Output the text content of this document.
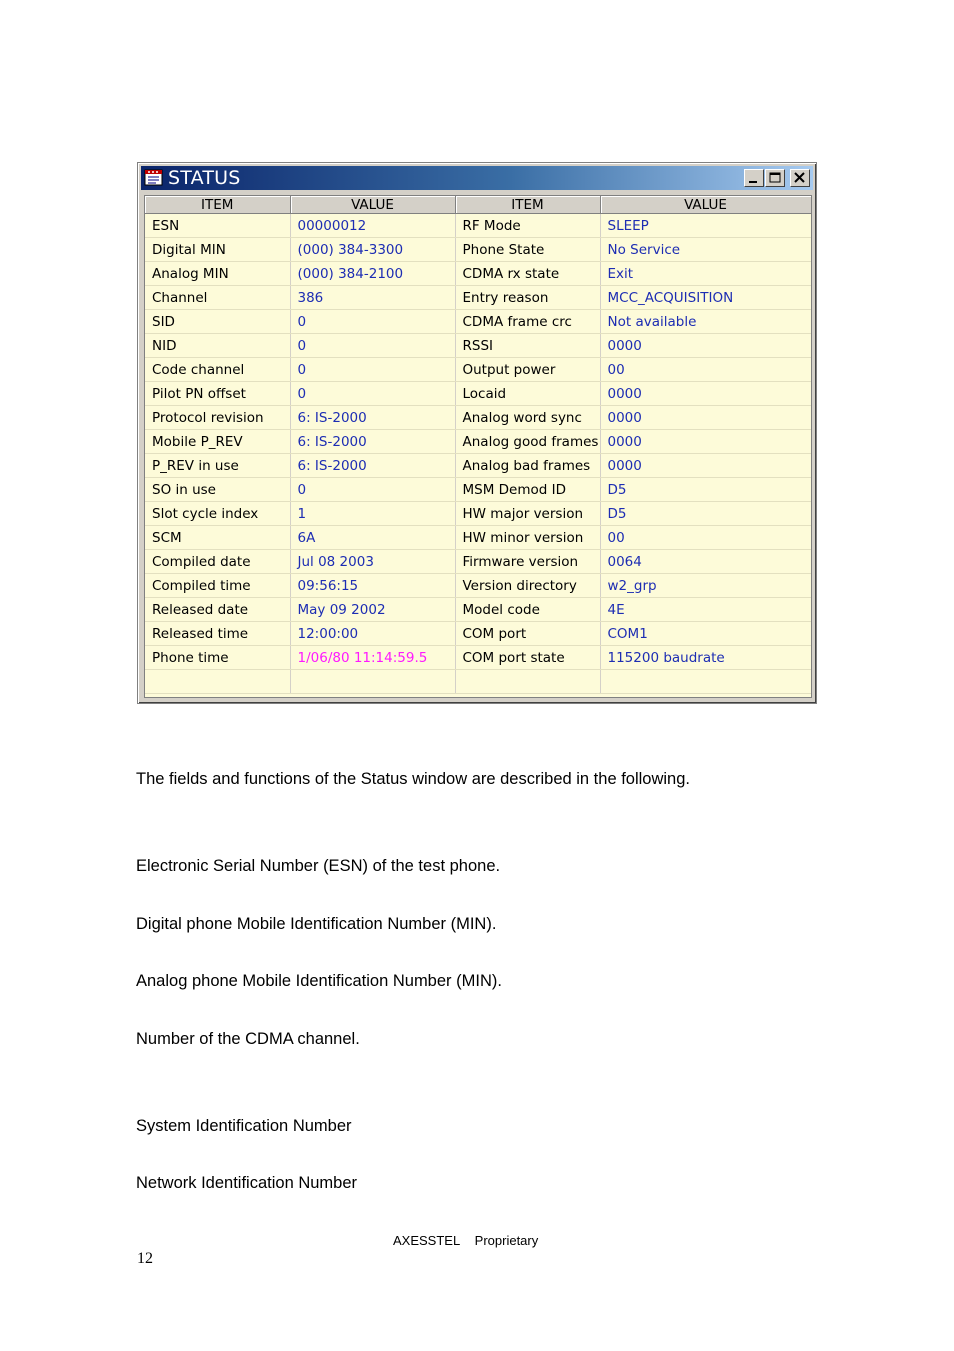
STATUS
ITEM	VALUE	ITEM	VALUE
ESN	00000012	RF Mode	SLEEP
Digital MIN	(000) 384-3300	Phone State	No Service
Analog MIN	(000) 384-2100	CDMA rx state	Exit
Channel	386	Entry reason	MCC_ACQUISITION
SID	0	CDMA frame crc	Not available
NID	0	RSSI	0000
Code channel	0	Output power	00
Pilot PN offset	0	Locaid	0000
Protocol revision	6: IS-2000	Analog word sync	0000
Mobile P_REV	6: IS-2000	Analog good frames	0000
P_REV in use	6: IS-2000	Analog bad frames	0000
SO in use	0	MSM Demod ID	D5
Slot cycle index	1	HW major version	D5
SCM	6A	HW minor version	00
Compiled date	Jul 08 2003	Firmware version	0064
Compiled time	09:56:15	Version directory	w2_grp
Released date	May 09 2002	Model code	4E
Released time	12:00:00	COM port	COM1
Phone time	1/06/80 11:14:59.5	COM port state	115200 baudrate

The fields and functions of the Status window are described in the following.
Electronic Serial Number (ESN) of the test phone.
Digital phone Mobile Identification Number (MIN).
Analog phone Mobile Identification Number (MIN).
Number of the CDMA channel.
System Identification Number
Network Identification Number
AXESSTEL Proprietary
12
